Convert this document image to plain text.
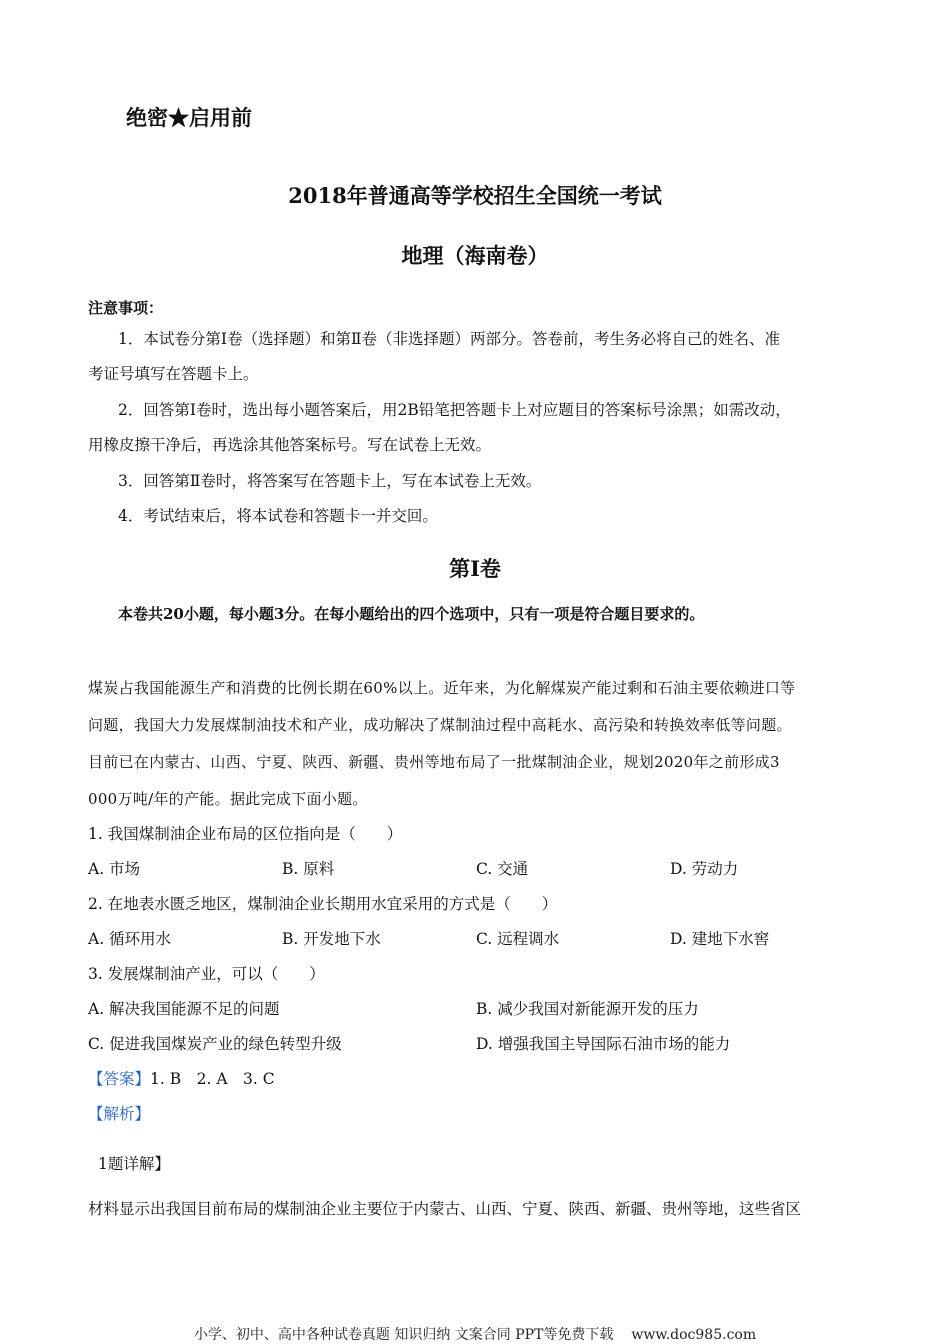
绝密★启用前
2018年普通高等学校招生全国统一考试
地理（海南卷）
注意事项：
1．本试卷分第Ⅰ卷（选择题）和第Ⅱ卷（非选择题）两部分。答卷前，考生务必将自己的姓名、准
考证号填写在答题卡上。
2．回答第Ⅰ卷时，选出每小题答案后，用2B铅笔把答题卡上对应题目的答案标号涂黑；如需改动，
用橡皮擦干净后，再选涂其他答案标号。写在试卷上无效。
3．回答第Ⅱ卷时，将答案写在答题卡上，写在本试卷上无效。
4．考试结束后，将本试卷和答题卡一并交回。
第Ⅰ卷
本卷共20小题，每小题3分。在每小题给出的四个选项中，只有一项是符合题目要求的。
煤炭占我国能源生产和消费的比例长期在60%以上。近年来，为化解煤炭产能过剩和石油主要依赖进口等
问题，我国大力发展煤制油技术和产业，成功解决了煤制油过程中高耗水、高污染和转换效率低等问题。
目前已在内蒙古、山西、宁夏、陕西、新疆、贵州等地布局了一批煤制油企业，规划2020年之前形成3
000万吨/年的产能。据此完成下面小题。
1. 我国煤制油企业布局的区位指向是（　　）
A. 市场	B. 原料	C. 交通	D. 劳动力
2. 在地表水匮乏地区，煤制油企业长期用水宜采用的方式是（　　）
A. 循环用水	B. 开发地下水	C. 远程调水	D. 建地下水窖
3. 发展煤制油产业，可以（　　）
A. 解决我国能源不足的问题	B. 减少我国对新能源开发的压力
C. 促进我国煤炭产业的绿色转型升级	D. 增强我国主导国际石油市场的能力
【答案】1. B　2. A　3. C
【解析】
1题详解】
材料显示出我国目前布局的煤制油企业主要位于内蒙古、山西、宁夏、陕西、新疆、贵州等地，这些省区
小学、初中、高中各种试卷真题 知识归纳 文案合同 PPT等免费下载 www.doc985.com
